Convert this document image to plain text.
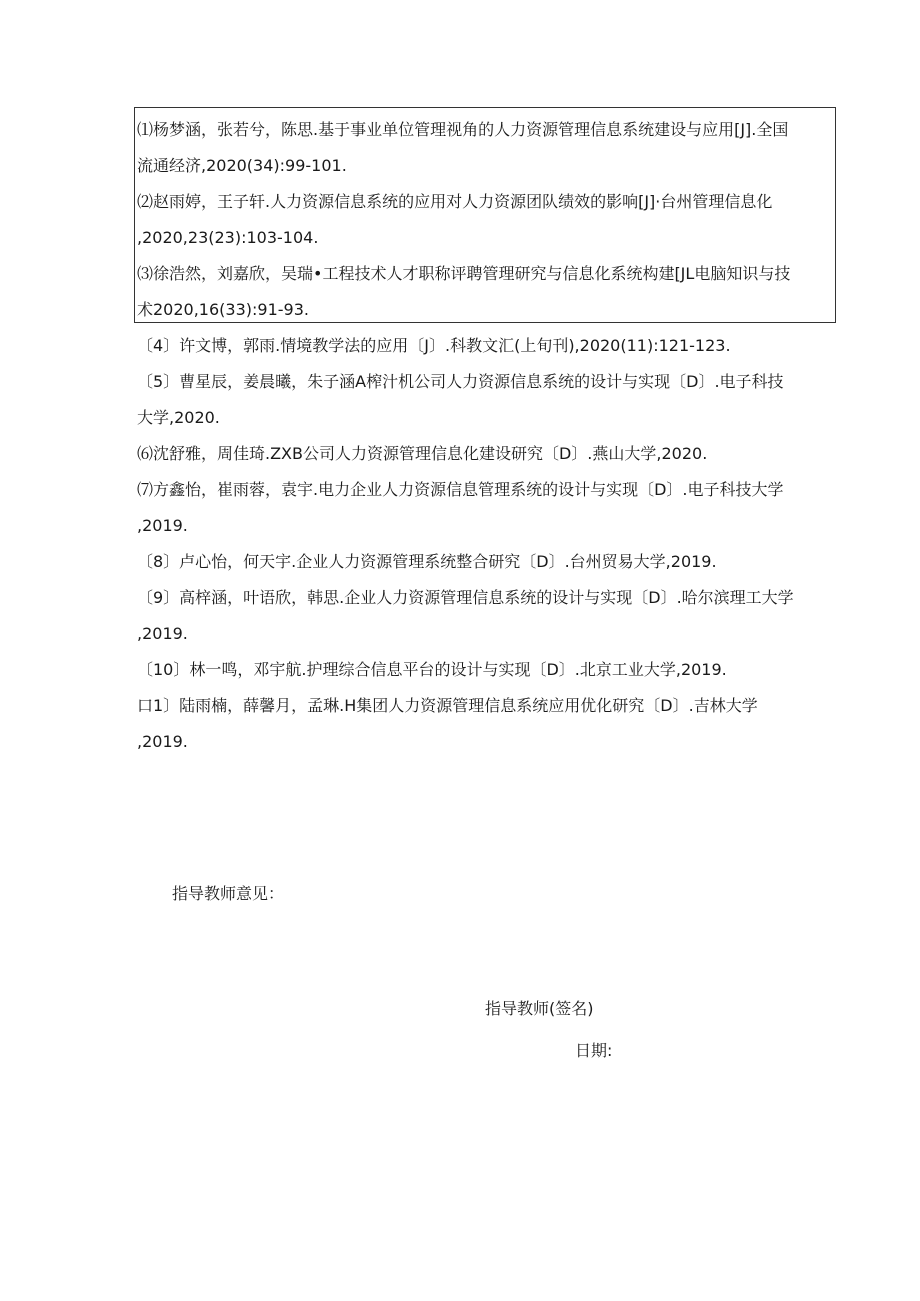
⑴杨梦涵，张若兮，陈思.基于事业单位管理视角的人力资源管理信息系统建设与应用[J].全国
流通经济,2020(34):99-101.
⑵赵雨婷，王子轩.人力资源信息系统的应用对人力资源团队绩效的影响[J]·台州管理信息化
,2020,23(23):103-104.
⑶徐浩然，刘嘉欣，吴瑞•工程技术人才职称评聘管理研究与信息化系统构建[JL电脑知识与技
术2020,16(33):91-93.
〔4〕许文博，郭雨.情境教学法的应用〔J〕.科教文汇(上旬刊),2020(11):121-123.
〔5〕曹星辰，姜晨曦，朱子涵A榨汁机公司人力资源信息系统的设计与实现〔D〕.电子科技
大学,2020.
⑹沈舒雅，周佳琦.ZXB公司人力资源管理信息化建设研究〔D〕.燕山大学,2020.
⑺方鑫怡，崔雨蓉，袁宇.电力企业人力资源信息管理系统的设计与实现〔D〕.电子科技大学
,2019.
〔8〕卢心怡，何天宇.企业人力资源管理系统整合研究〔D〕.台州贸易大学,2019.
〔9〕高梓涵，叶语欣，韩思.企业人力资源管理信息系统的设计与实现〔D〕.哈尔滨理工大学
,2019.
〔10〕林一鸣，邓宇航.护理综合信息平台的设计与实现〔D〕.北京工业大学,2019.
口1〕陆雨楠，薛馨月，孟琳.H集团人力资源管理信息系统应用优化研究〔D〕.吉林大学
,2019.
指导教师意见：
指导教师(签名)
日期:
